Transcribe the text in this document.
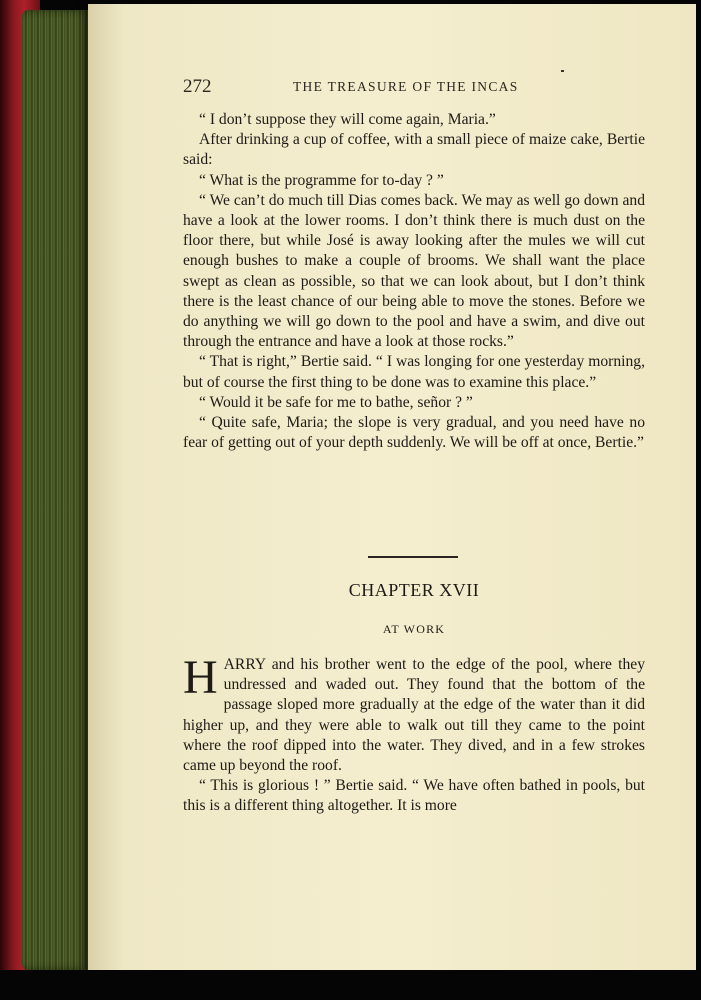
272	THE TREASURE OF THE INCAS

“ I don’t suppose they will come again, Maria.”

After drinking a cup of coffee, with a small piece of maize cake, Bertie said:

“ What is the programme for to-day ? ”

“ We can’t do much till Dias comes back. We may as well go down and have a look at the lower rooms. I don’t think there is much dust on the floor there, but while José is away looking after the mules we will cut enough bushes to make a couple of brooms. We shall want the place swept as clean as possible, so that we can look about, but I don’t think there is the least chance of our being able to move the stones. Before we do anything we will go down to the pool and have a swim, and dive out through the entrance and have a look at those rocks.”

“ That is right,” Bertie said. “ I was longing for one yesterday morning, but of course the first thing to be done was to examine this place.”

“ Would it be safe for me to bathe, señor ? ”

“ Quite safe, Maria; the slope is very gradual, and you need have no fear of getting out of your depth suddenly. We will be off at once, Bertie.”

CHAPTER XVII
AT WORK

HARRY and his brother went to the edge of the pool, where they undressed and waded out. They found that the bottom of the passage sloped more gradually at the edge of the water than it did higher up, and they were able to walk out till they came to the point where the roof dipped into the water. They dived, and in a few strokes came up beyond the roof.

“ This is glorious ! ” Bertie said. “ We have often bathed in pools, but this is a different thing altogether. It is more
